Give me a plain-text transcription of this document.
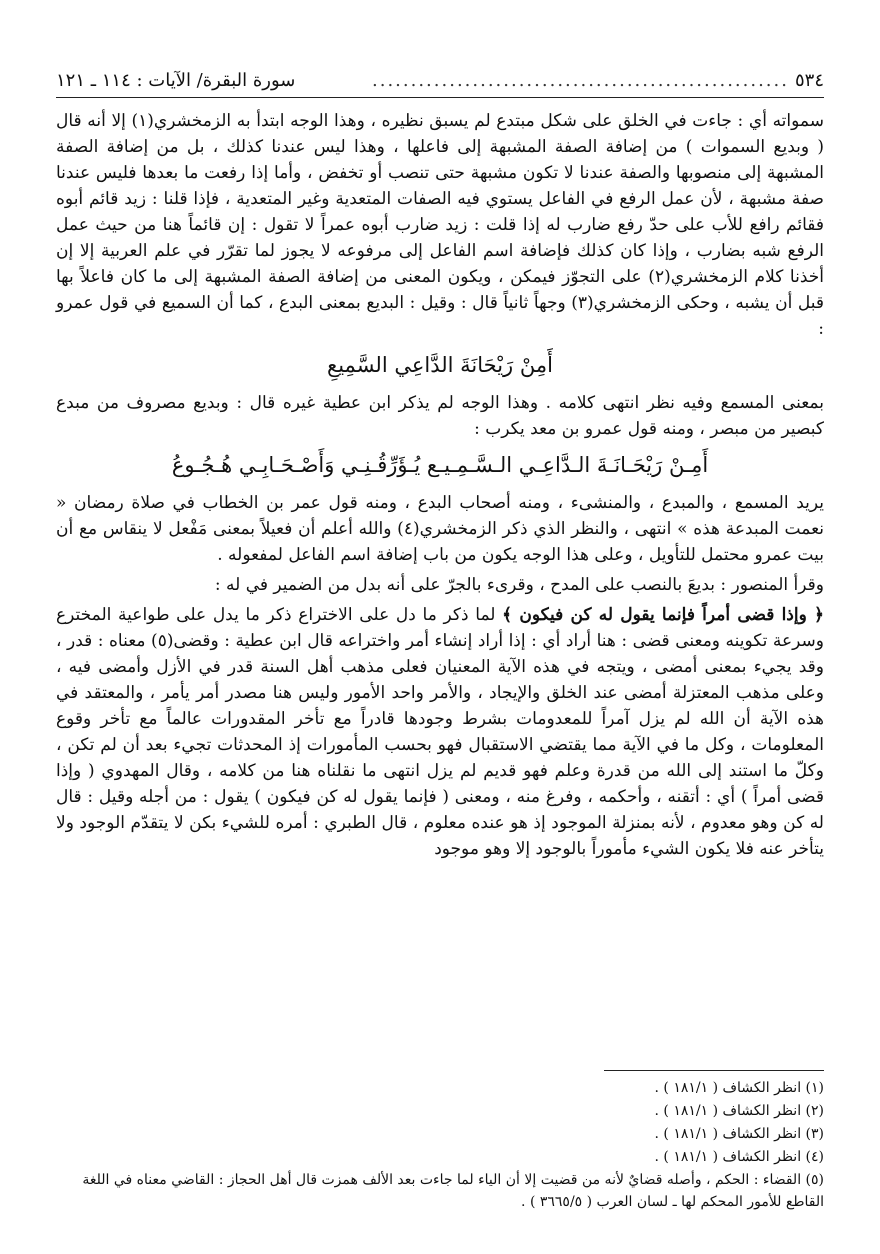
٥٣٤
......................................................
سورة البقرة/ الآيات : ١١٤ ـ ١٢١

سمواته أي : جاءت في الخلق على شكل مبتدع لم يسبق نظيره ، وهذا الوجه ابتدأ به الزمخشري(١) إلا أنه قال ( وبديع السموات ) من إضافة الصفة المشبهة إلى فاعلها ، وهذا ليس عندنا كذلك ، بل من إضافة الصفة المشبهة إلى منصوبها والصفة عندنا لا تكون مشبهة حتى تنصب أو تخفض ، وأما إذا رفعت ما بعدها فليس عندنا صفة مشبهة ، لأن عمل الرفع في الفاعل يستوي فيه الصفات المتعدية وغير المتعدية ، فإذا قلنا : زيد قائم أبوه فقائم رافع للأب على حدّ رفع ضارب له إذا قلت : زيد ضارب أبوه عمراً لا تقول : إن قائماً هنا من حيث عمل الرفع شبه بضارب ، وإذا كان كذلك فإضافة اسم الفاعل إلى مرفوعه لا يجوز لما تقرّر في علم العربية إلا إن أخذنا كلام الزمخشري(٢) على التجوّز فيمكن ، ويكون المعنى من إضافة الصفة المشبهة إلى ما كان فاعلاً بها قبل أن يشبه ، وحكى الزمخشري(٣) وجهاً ثانياً قال : وقيل : البديع بمعنى البدع ، كما أن السميع في قول عمرو :

أَمِنْ رَيْحَانَةَ الدَّاعِي السَّمِيعِ

بمعنى المسمع وفيه نظر انتهى كلامه . وهذا الوجه لم يذكر ابن عطية غيره قال : وبديع مصروف من مبدع كبصير من مبصر ، ومنه قول عمرو بن معد يكرب :

أَمِـنْ رَيْحَـانَـةَ الـدَّاعِـي الـسَّـمِـيـع يُـؤَرِّقُـنِـي وَأَصْـحَـابِـي هُـجُـوعُ

يريد المسمع ، والمبدع ، والمنشىء ، ومنه أصحاب البدع ، ومنه قول عمر بن الخطاب في صلاة رمضان « نعمت المبدعة هذه » انتهى ، والنظر الذي ذكر الزمخشري(٤) والله أعلم أن فعيلاً بمعنى مَفْعل لا ينقاس مع أن بيت عمرو محتمل للتأويل ، وعلى هذا الوجه يكون من باب إضافة اسم الفاعل لمفعوله .

وقرأ المنصور : بديعَ بالنصب على المدح ، وقرىء بالجرّ على أنه بدل من الضمير في له :

﴿ وإذا قضى أمراً فإنما يقول له كن فيكون ﴾ لما ذكر ما دل على الاختراع ذكر ما يدل على طواعية المخترع وسرعة تكوينه ومعنى قضى : هنا أراد أي : إذا أراد إنشاء أمر واختراعه قال ابن عطية : وقضى(٥) معناه : قدر ، وقد يجيء بمعنى أمضى ، ويتجه في هذه الآية المعنيان فعلى مذهب أهل السنة قدر في الأزل وأمضى فيه ، وعلى مذهب المعتزلة أمضى عند الخلق والإيجاد ، والأمر واحد الأمور وليس هنا مصدر أمر يأمر ، والمعتقد في هذه الآية أن الله لم يزل آمراً للمعدومات بشرط وجودها قادراً مع تأخر المقدورات عالماً مع تأخر وقوع المعلومات ، وكل ما في الآية مما يقتضي الاستقبال فهو بحسب المأمورات إذ المحدثات تجيء بعد أن لم تكن ، وكلّ ما استند إلى الله من قدرة وعلم فهو قديم لم يزل انتهى ما نقلناه هنا من كلامه ، وقال المهدوي ( وإذا قضى أمراً ) أي : أتقنه ، وأحكمه ، وفرغ منه ، ومعنى ( فإنما يقول له كن فيكون ) يقول : من أجله وقيل : قال له كن وهو معدوم ، لأنه بمنزلة الموجود إذ هو عنده معلوم ، قال الطبري : أمره للشيء بكن لا يتقدّم الوجود ولا يتأخر عنه فلا يكون الشيء مأموراً بالوجود إلا وهو موجود

(١) انظر الكشاف ( ١٨١/١ ) .

(٢) انظر الكشاف ( ١٨١/١ ) .

(٣) انظر الكشاف ( ١٨١/١ ) .

(٤) انظر الكشاف ( ١٨١/١ ) .

(٥) القضاء : الحكم ، وأصله قضايٌ لأنه من قضيت إلا أن الياء لما جاءت بعد الألف همزت قال أهل الحجاز : القاضي معناه في اللغة القاطع للأمور المحكم لها ـ لسان العرب ( ٣٦٦٥/٥ ) .
